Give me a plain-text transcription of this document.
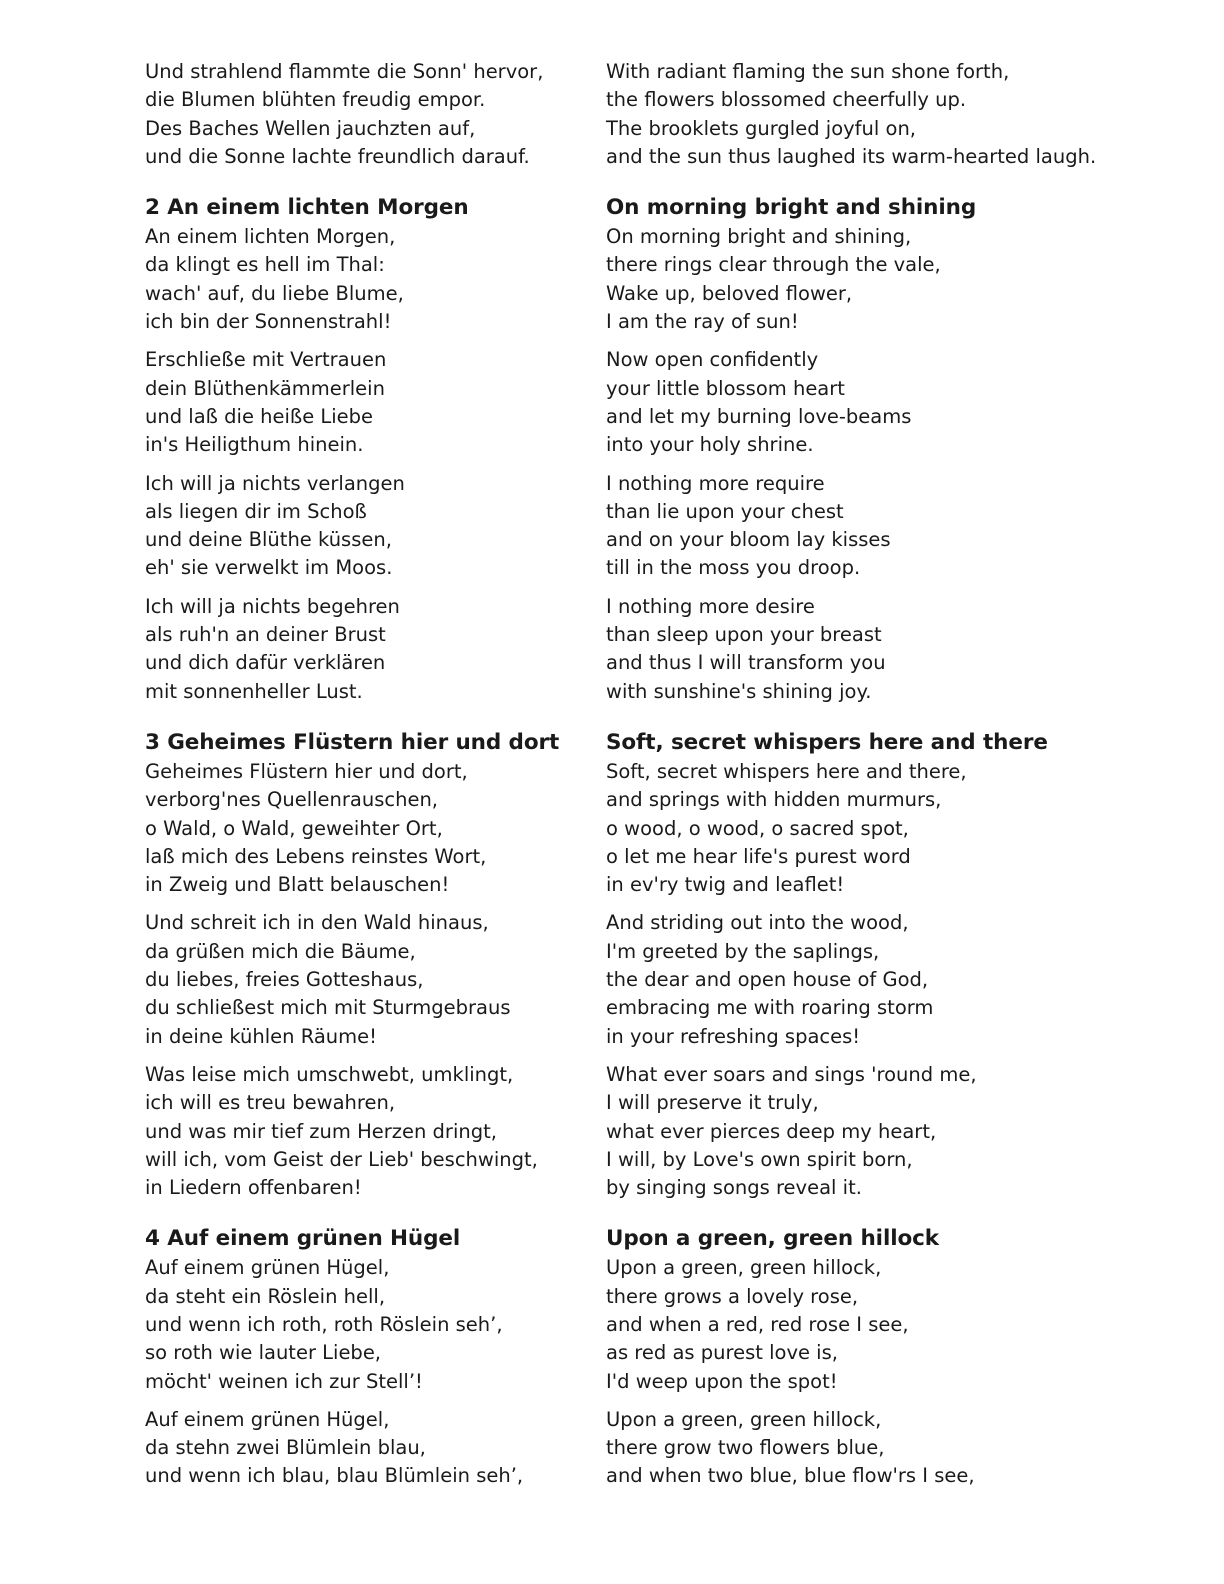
Und strahlend flammte die Sonn' hervor,
die Blumen blühten freudig empor.
Des Baches Wellen jauchzten auf,
und die Sonne lachte freundlich darauf.
2 An einem lichten Morgen
An einem lichten Morgen,
da klingt es hell im Thal:
wach' auf, du liebe Blume,
ich bin der Sonnenstrahl!
Erschließe mit Vertrauen
dein Blüthenkämmerlein
und laß die heiße Liebe
in's Heiligthum hinein.
Ich will ja nichts verlangen
als liegen dir im Schoß
und deine Blüthe küssen,
eh' sie verwelkt im Moos.
Ich will ja nichts begehren
als ruh'n an deiner Brust
und dich dafür verklären
mit sonnenheller Lust.
3 Geheimes Flüstern hier und dort
Geheimes Flüstern hier und dort,
verborg'nes Quellenrauschen,
o Wald, o Wald, geweihter Ort,
laß mich des Lebens reinstes Wort,
in Zweig und Blatt belauschen!
Und schreit ich in den Wald hinaus,
da grüßen mich die Bäume,
du liebes, freies Gotteshaus,
du schließest mich mit Sturmgebraus
in deine kühlen Räume!
Was leise mich umschwebt, umklingt,
ich will es treu bewahren,
und was mir tief zum Herzen dringt,
will ich, vom Geist der Lieb' beschwingt,
in Liedern offenbaren!
4 Auf einem grünen Hügel
Auf einem grünen Hügel,
da steht ein Röslein hell,
und wenn ich roth, roth Röslein seh’,
so roth wie lauter Liebe,
möcht' weinen ich zur Stell’!
Auf einem grünen Hügel,
da stehn zwei Blümlein blau,
und wenn ich blau, blau Blümlein seh’,
With radiant flaming the sun shone forth,
the flowers blossomed cheerfully up.
The brooklets gurgled joyful on,
and the sun thus laughed its warm-hearted laugh.
On morning bright and shining
On morning bright and shining,
there rings clear through the vale,
Wake up, beloved flower,
I am the ray of sun!
Now open confidently
your little blossom heart
and let my burning love-beams
into your holy shrine.
I nothing more require
than lie upon your chest
and on your bloom lay kisses
till in the moss you droop.
I nothing more desire
than sleep upon your breast
and thus I will transform you
with sunshine's shining joy.
Soft, secret whispers here and there
Soft, secret whispers here and there,
and springs with hidden murmurs,
o wood, o wood, o sacred spot,
o let me hear life's purest word
in ev'ry twig and leaflet!
And striding out into the wood,
I'm greeted by the saplings,
the dear and open house of God,
embracing me with roaring storm
in your refreshing spaces!
What ever soars and sings 'round me,
I will preserve it truly,
what ever pierces deep my heart,
I will, by Love's own spirit born,
by singing songs reveal it.
Upon a green, green hillock
Upon a green, green hillock,
there grows a lovely rose,
and when a red, red rose I see,
as red as purest love is,
I'd weep upon the spot!
Upon a green, green hillock,
there grow two flowers blue,
and when two blue, blue flow'rs I see,
